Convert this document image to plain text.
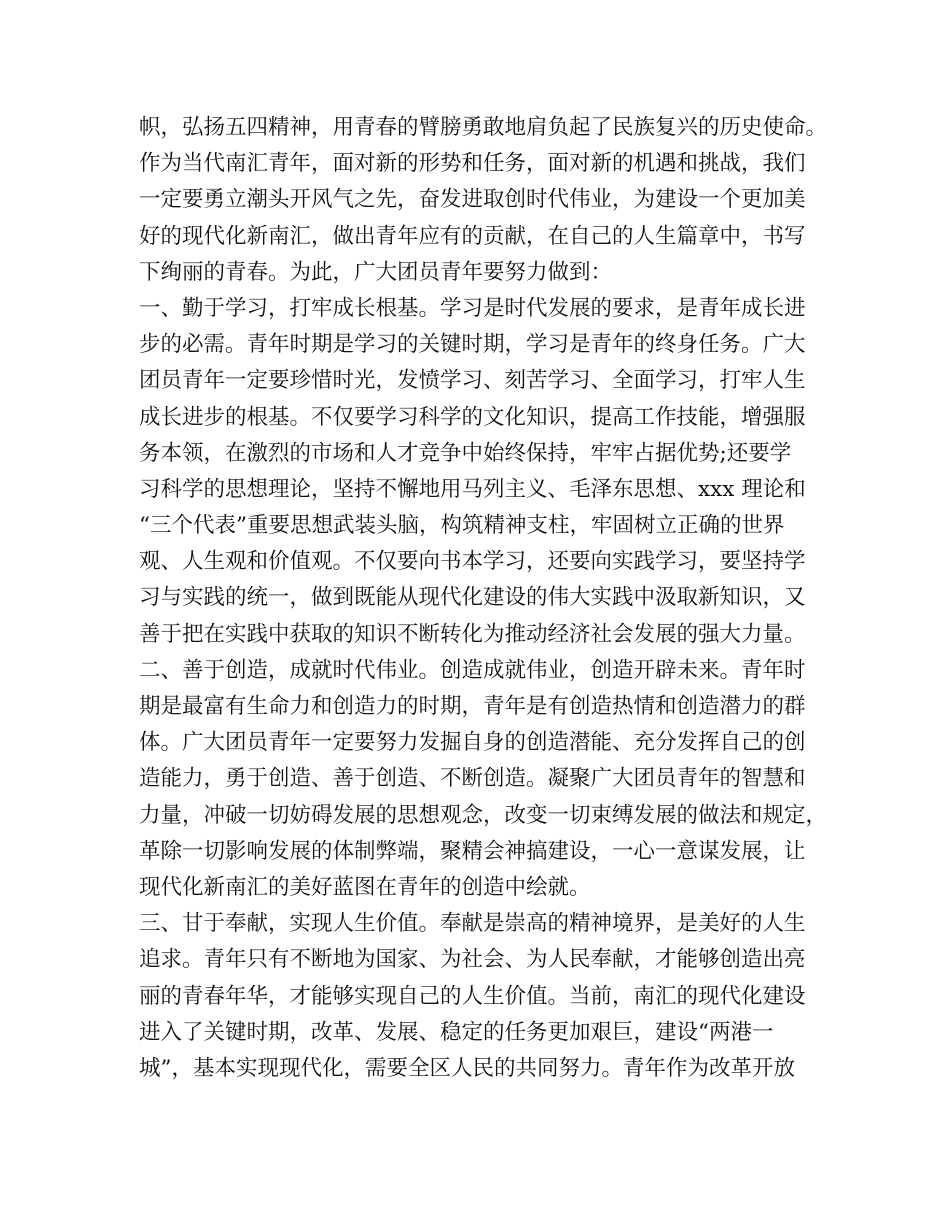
帜，弘扬五四精神，用青春的臂膀勇敢地肩负起了民族复兴的历史使命。
作为当代南汇青年，面对新的形势和任务，面对新的机遇和挑战，我们
一定要勇立潮头开风气之先，奋发进取创时代伟业，为建设一个更加美
好的现代化新南汇，做出青年应有的贡献，在自己的人生篇章中，书写
下绚丽的青春。为此，广大团员青年要努力做到：
一、勤于学习，打牢成长根基。学习是时代发展的要求，是青年成长进
步的必需。青年时期是学习的关键时期，学习是青年的终身任务。广大
团员青年一定要珍惜时光，发愤学习、刻苦学习、全面学习，打牢人生
成长进步的根基。不仅要学习科学的文化知识，提高工作技能，增强服
务本领，在激烈的市场和人才竞争中始终保持，牢牢占据优势;还要学
习科学的思想理论，坚持不懈地用马列主义、毛泽东思想、xxx 理论和
“三个代表”重要思想武装头脑，构筑精神支柱，牢固树立正确的世界
观、人生观和价值观。不仅要向书本学习，还要向实践学习，要坚持学
习与实践的统一，做到既能从现代化建设的伟大实践中汲取新知识，又
善于把在实践中获取的知识不断转化为推动经济社会发展的强大力量。
二、善于创造，成就时代伟业。创造成就伟业，创造开辟未来。青年时
期是最富有生命力和创造力的时期，青年是有创造热情和创造潜力的群
体。广大团员青年一定要努力发掘自身的创造潜能、充分发挥自己的创
造能力，勇于创造、善于创造、不断创造。凝聚广大团员青年的智慧和
力量，冲破一切妨碍发展的思想观念，改变一切束缚发展的做法和规定，
革除一切影响发展的体制弊端，聚精会神搞建设，一心一意谋发展，让
现代化新南汇的美好蓝图在青年的创造中绘就。
三、甘于奉献，实现人生价值。奉献是崇高的精神境界，是美好的人生
追求。青年只有不断地为国家、为社会、为人民奉献，才能够创造出亮
丽的青春年华，才能够实现自己的人生价值。当前，南汇的现代化建设
进入了关键时期，改革、发展、稳定的任务更加艰巨，建设“两港一
城”，基本实现现代化，需要全区人民的共同努力。青年作为改革开放
